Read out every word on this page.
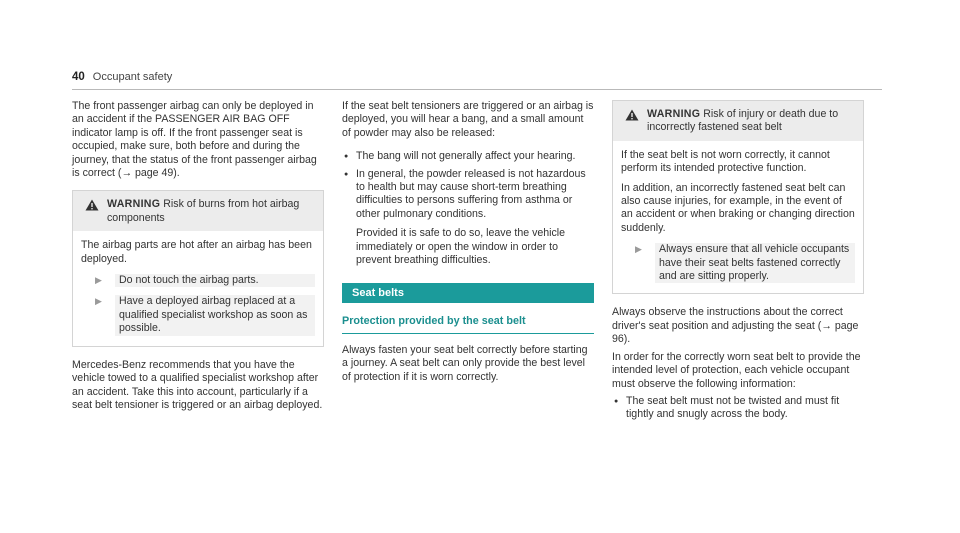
40 Occupant safety

The front passenger airbag can only be deployed in an accident if the PASSENGER AIR BAG OFF indicator lamp is off. If the front passenger seat is occupied, make sure, both before and during the journey, that the status of the front passenger airbag is correct (→ page 49).

WARNING Risk of burns from hot airbag components

The airbag parts are hot after an airbag has been deployed.

▶	Do not touch the airbag parts.
▶	Have a deployed airbag replaced at a qualified specialist workshop as soon as possible.

Mercedes-Benz recommends that you have the vehicle towed to a qualified specialist workshop after an accident. Take this into account, particularly if a seat belt tensioner is triggered or an airbag deployed.

If the seat belt tensioners are triggered or an airbag is deployed, you will hear a bang, and a small amount of powder may also be released:

● The bang will not generally affect your hearing.
● In general, the powder released is not hazardous to health but may cause short-term breathing difficulties to persons suffering from asthma or other pulmonary conditions.
Provided it is safe to do so, leave the vehicle immediately or open the window in order to prevent breathing difficulties.
Seat belts
Protection provided by the seat belt

Always fasten your seat belt correctly before starting a journey. A seat belt can only provide the best level of protection if it is worn correctly.

WARNING Risk of injury or death due to incorrectly fastened seat belt

If the seat belt is not worn correctly, it cannot perform its intended protective function.

In addition, an incorrectly fastened seat belt can also cause injuries, for example, in the event of an accident or when braking or changing direction suddenly.

▶	Always ensure that all vehicle occupants have their seat belts fastened correctly and are sitting properly.

Always observe the instructions about the correct driver's seat position and adjusting the seat (→ page 96).

In order for the correctly worn seat belt to provide the intended level of protection, each vehicle occupant must observe the following information:

● The seat belt must not be twisted and must fit tightly and snugly across the body.
